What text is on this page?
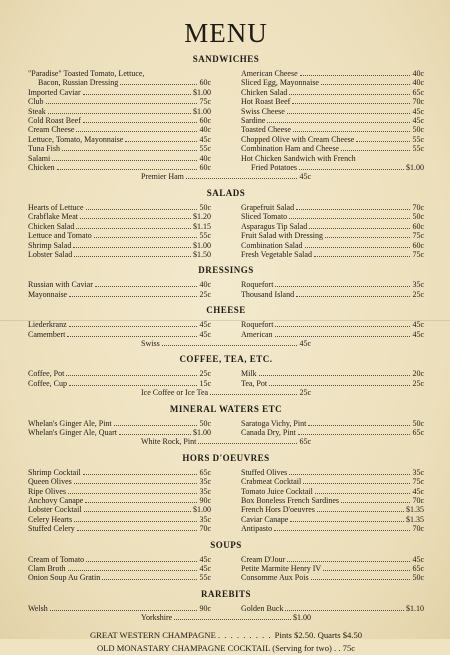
MENU
SANDWICHES
"Paradise" Toasted Tomato, Lettuce,
Bacon, Russian Dressing	60c
Imported Caviar	$1.00
Club	75c
Steak	$1.00
Cold Roast Beef	60c
Cream Cheese	40c
Lettuce, Tomato, Mayonnaise	45c
Tuna Fish	55c
Salami	40c
Chicken	60c
American Cheese	40c
Sliced Egg, Mayonnaise	40c
Chicken Salad	65c
Hot Roast Beef	70c
Swiss Cheese	45c
Sardine	45c
Toasted Cheese	50c
Chopped Olive with Cream Cheese	55c
Combination Ham and Cheese	55c
Hot Chicken Sandwich with French
Fried Potatoes	$1.00
Premier Ham	45c
SALADS
Hearts of Lettuce	50c
Crabflake Meat	$1.20
Chicken Salad	$1.15
Lettuce and Tomato	55c
Shrimp Salad	$1.00
Lobster Salad	$1.50
Grapefruit Salad	70c
Sliced Tomato	50c
Asparagus Tip Salad	60c
Fruit Salad with Dressing	75c
Combination Salad	60c
Fresh Vegetable Salad	75c
DRESSINGS
Russian with Caviar	40c
Mayonnaise	25c
Roquefort	35c
Thousand Island	25c
CHEESE
Liederkranz	45c
Camembert	45c
Roquefort	45c
American	45c
Swiss	45c
COFFEE, TEA, ETC.
Coffee, Pot	25c
Coffee, Cup	15c
Milk	20c
Tea, Pot	25c
Ice Coffee or Ice Tea	25c
MINERAL WATERS ETC
Whelan's Ginger Ale, Pint	50c
Whelan's Ginger Ale, Quart	$1.00
Saratoga Vichy, Pint	50c
Canada Dry, Pint	65c
White Rock, Pint	65c
HORS D'OEUVRES
Shrimp Cocktail	65c
Queen Olives	35c
Ripe Olives	35c
Anchovy Canape	90c
Lobster Cocktail	$1.00
Celery Hearts	35c
Stuffed Celery	70c
Stuffed Olives	35c
Crabmeat Cocktail	75c
Tomato Juice Cocktail	45c
Box Boneless French Sardines	70c
French Hors D'oeuvres	$1.35
Caviar Canape	$1.35
Antipasto	70c
SOUPS
Cream of Tomato	45c
Clam Broth	45c
Onion Soup Au Gratin	55c
Cream D'Jour	45c
Petite Marmite Henry IV	65c
Consomme Aux Pois	50c
RAREBITS
Welsh	90c	Golden Buck	$1.10
Yorkshire	$1.00
GREAT WESTERN CHAMPAGNE . . . . . . . . . Pints $2.50. Quarts $4.50
OLD MONASTARY CHAMPAGNE COCKTAIL (Serving for two) . . 75c
